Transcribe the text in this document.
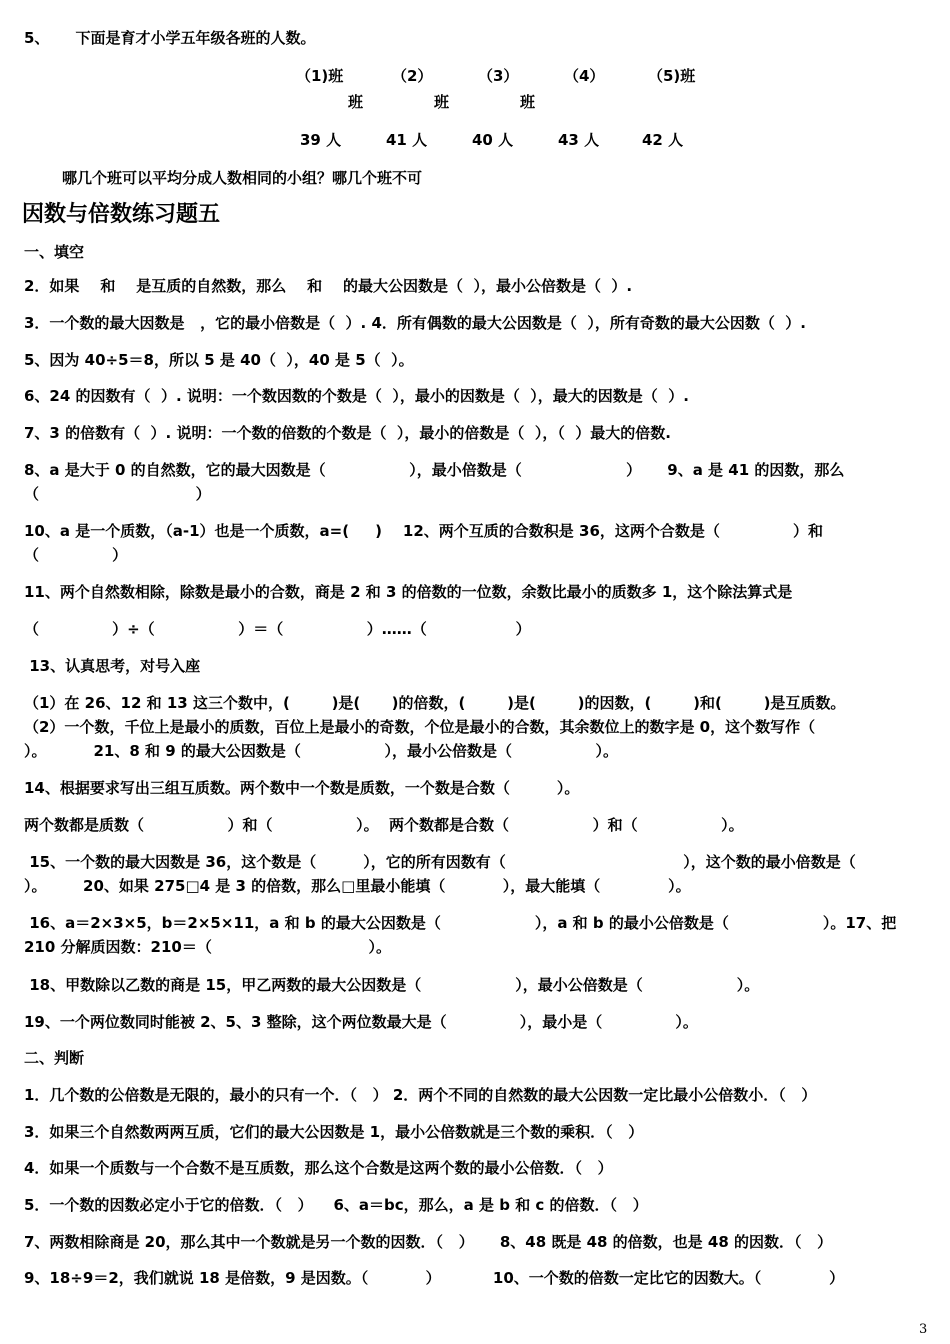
5、     下面是育才小学五年级各班的人数。
（1)班	（2）	（3）	（4）	（5)班
班	班	班
39 人	41 人	40 人	43 人	42 人
哪几个班可以平均分成人数相同的小组？哪几个班不可
因数与倍数练习题五
一、填空
2．如果    和    是互质的自然数，那么    和    的最大公因数是（  ），最小公倍数是（  ）.
3．一个数的最大因数是   ，它的最小倍数是（  ）. 4．所有偶数的最大公因数是（  ），所有奇数的最大公因数（  ）.
5、因为 40÷5＝8，所以 5 是 40（  ），40 是 5（  ）。
6、24 的因数有（  ）. 说明：一个数因数的个数是（  ），最小的因数是（  ），最大的因数是（  ）.
7、3 的倍数有（  ）. 说明：一个数的倍数的个数是（  ），最小的倍数是（  ），（  ）最大的倍数.
8、a 是大于 0 的自然数，它的最大因数是（                ），最小倍数是（                    ）     9、a 是 41 的因数，那么
（                              ）
10、a 是一个质数，（a-1）也是一个质数，a=(     )    12、两个互质的合数积是 36，这两个合数是（              ）和
（              ）
11、两个自然数相除，除数是最小的合数，商是 2 和 3 的倍数的一位数，余数比最小的质数多 1，这个除法算式是
（              ）÷（                ）＝（                ）……（                 ）
13、认真思考，对号入座
（1）在 26、12 和 13 这三个数中，(        )是(      )的倍数，(        )是(        )的因数，(        )和(        )是互质数。
（2）一个数，千位上是最小的质数，百位上是最小的奇数，个位是最小的合数，其余数位上的数字是 0，这个数写作（
）。         21、8 和 9 的最大公因数是（                ），最小公倍数是（                ）。
14、根据要求写出三组互质数。两个数中一个数是质数，一个数是合数（         ）。
两个数都是质数（                ）和（                ）。  两个数都是合数（                ）和（                ）。
15、一个数的最大因数是 36，这个数是（         ），它的所有因数有（                                  ），这个数的最小倍数是（
）。       20、如果 275□4 是 3 的倍数，那么□里最小能填（           ），最大能填（             ）。
16、a＝2×3×5，b＝2×5×11，a 和 b 的最大公因数是（                  ），a 和 b 的最小公倍数是（                  ）。17、把
210 分解质因数：210＝（                              ）。
18、甲数除以乙数的商是 15，甲乙两数的最大公因数是（                  ），最小公倍数是（                  ）。
19、一个两位数同时能被 2、5、3 整除，这个两位数最大是（              ），最小是（              ）。
二、判断
1．几个数的公倍数是无限的，最小的只有一个．（   ） 2．两个不同的自然数的最大公因数一定比最小公倍数小．（   ）
3．如果三个自然数两两互质，它们的最大公因数是 1，最小公倍数就是三个数的乘积．（   ）
4．如果一个质数与一个合数不是互质数，那么这个合数是这两个数的最小公倍数．（   ）
5．一个数的因数必定小于它的倍数．（   ）    6、a＝bc，那么，a 是 b 和 c 的倍数．（   ）
7、两数相除商是 20，那么其中一个数就是另一个数的因数．（   ）     8、48 既是 48 的倍数，也是 48 的因数．（   ）
9、18÷9＝2，我们就说 18 是倍数，9 是因数。（           ）          10、一个数的倍数一定比它的因数大。（             ）
3
